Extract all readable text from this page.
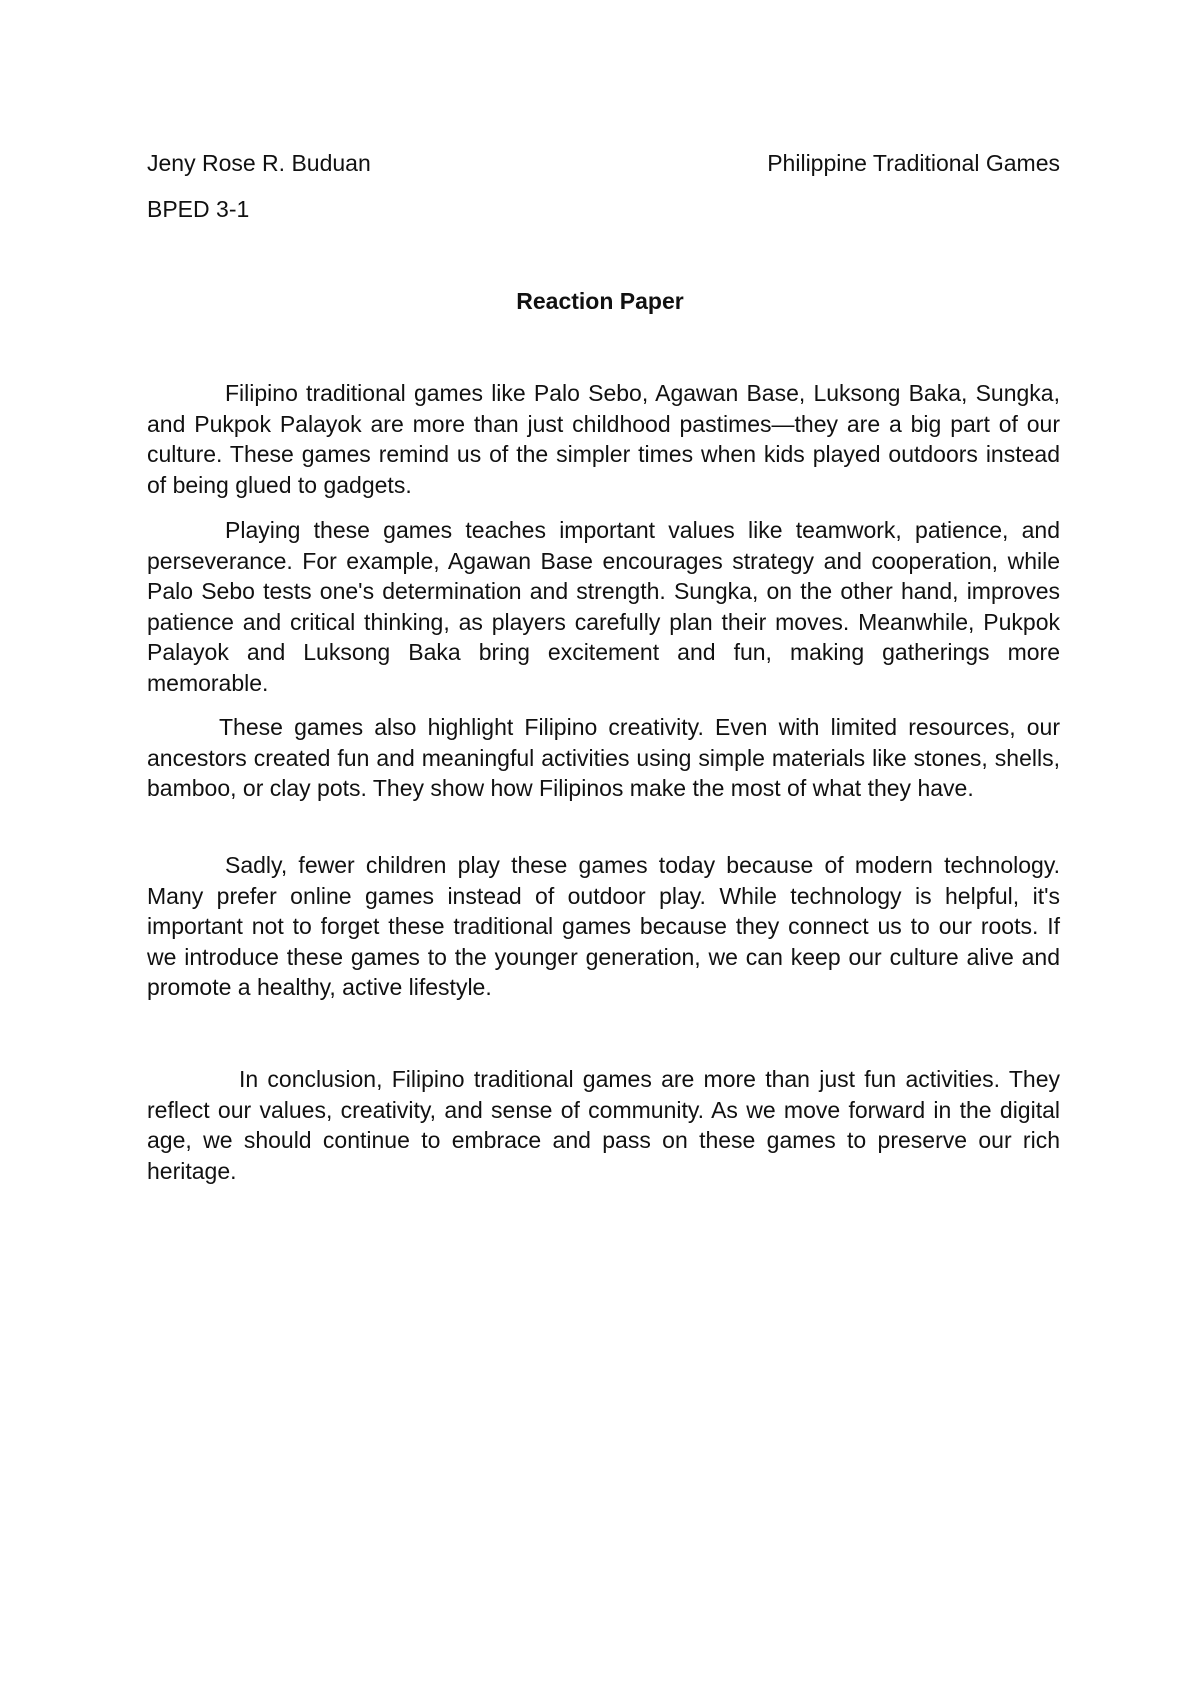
Jeny Rose R. Buduan	Philippine Traditional Games
BPED 3-1
Reaction Paper

Filipino traditional games like Palo Sebo, Agawan Base, Luksong Baka, Sungka, and Pukpok Palayok are more than just childhood pastimes—they are a big part of our culture. These games remind us of the simpler times when kids played outdoors instead of being glued to gadgets.

Playing these games teaches important values like teamwork, patience, and perseverance. For example, Agawan Base encourages strategy and cooperation, while Palo Sebo tests one's determination and strength. Sungka, on the other hand, improves patience and critical thinking, as players carefully plan their moves. Meanwhile, Pukpok Palayok and Luksong Baka bring excitement and fun, making gatherings more memorable.

These games also highlight Filipino creativity. Even with limited resources, our ancestors created fun and meaningful activities using simple materials like stones, shells, bamboo, or clay pots. They show how Filipinos make the most of what they have.

Sadly, fewer children play these games today because of modern technology. Many prefer online games instead of outdoor play. While technology is helpful, it's important not to forget these traditional games because they connect us to our roots. If we introduce these games to the younger generation, we can keep our culture alive and promote a healthy, active lifestyle.

In conclusion, Filipino traditional games are more than just fun activities. They reflect our values, creativity, and sense of community. As we move forward in the digital age, we should continue to embrace and pass on these games to preserve our rich heritage.
